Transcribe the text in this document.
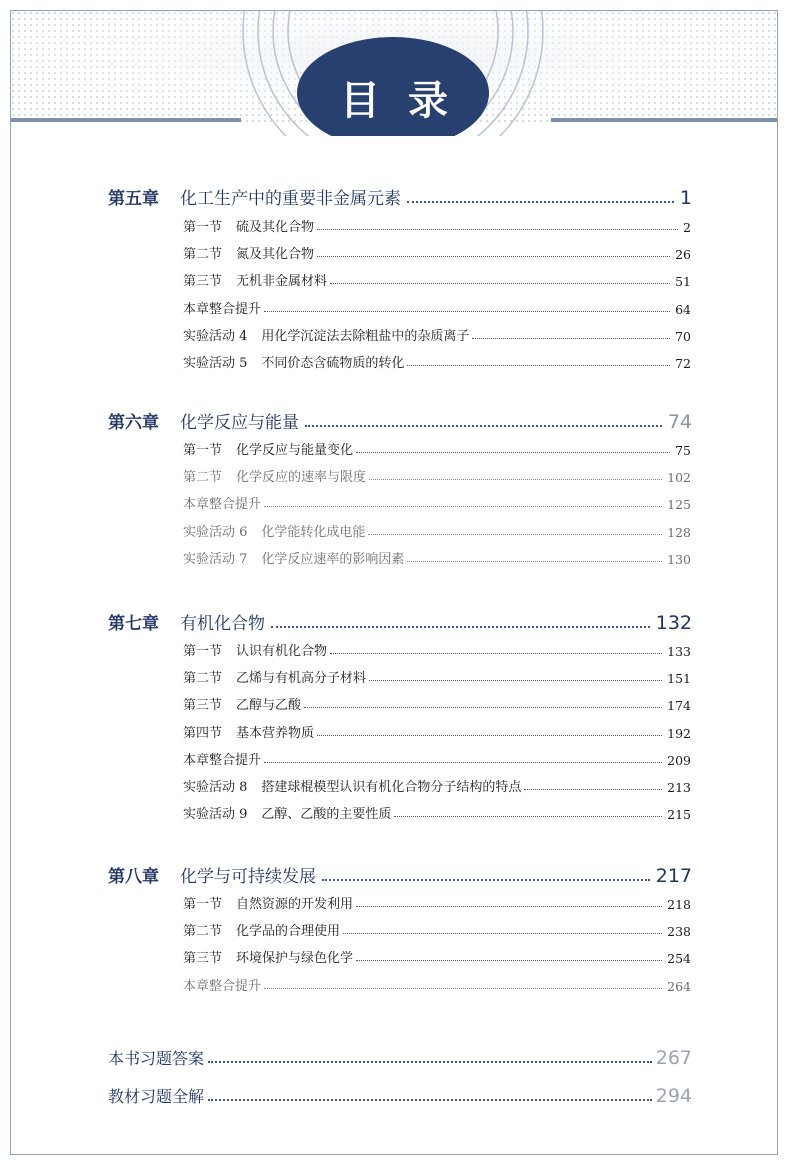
目录
第五章	化工生产中的重要非金属元素	1
第一节 硫及其化合物	2
第二节 氮及其化合物	26
第三节 无机非金属材料	51
本章整合提升	64
实验活动 4 用化学沉淀法去除粗盐中的杂质离子	70
实验活动 5 不同价态含硫物质的转化	72
第六章	化学反应与能量	74
第一节 化学反应与能量变化	75
第二节 化学反应的速率与限度	102
本章整合提升	125
实验活动 6 化学能转化成电能	128
实验活动 7 化学反应速率的影响因素	130
第七章	有机化合物	132
第一节 认识有机化合物	133
第二节 乙烯与有机高分子材料	151
第三节 乙醇与乙酸	174
第四节 基本营养物质	192
本章整合提升	209
实验活动 8 搭建球棍模型认识有机化合物分子结构的特点	213
实验活动 9 乙醇、乙酸的主要性质	215
第八章	化学与可持续发展	217
第一节 自然资源的开发利用	218
第二节 化学品的合理使用	238
第三节 环境保护与绿色化学	254
本章整合提升	264
本书习题答案	267
教材习题全解	294
